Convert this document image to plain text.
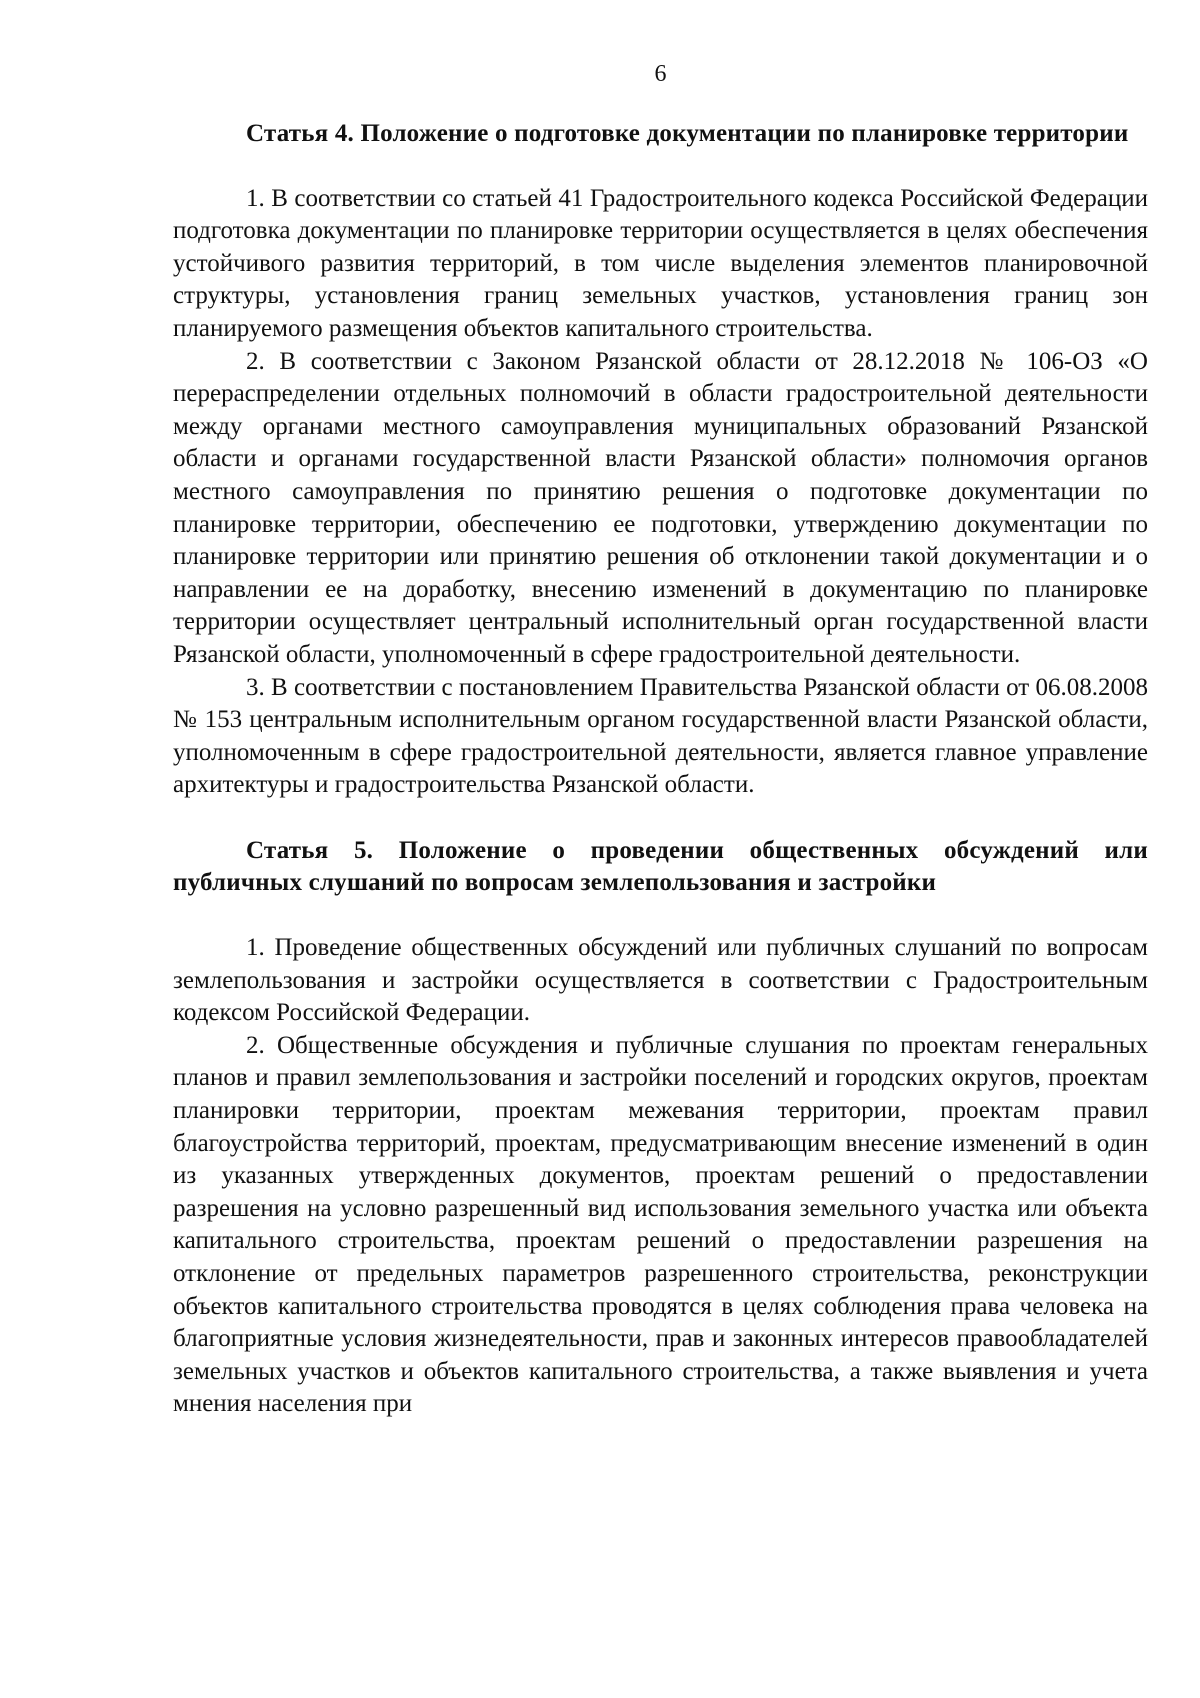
6

Статья 4. Положение о подготовке документации по планировке территории

1. В соответствии со статьей 41 Градостроительного кодекса Российской Федерации подготовка документации по планировке территории осуществляется в целях обеспечения устойчивого развития территорий, в том числе выделения элементов планировочной структуры, установления границ земельных участков, установления границ зон планируемого размещения объектов капитального строительства.

2. В соответствии с Законом Рязанской области от 28.12.2018 № 106-ОЗ «О перераспределении отдельных полномочий в области градостроительной деятельности между органами местного самоуправления муниципальных образований Рязанской области и органами государственной власти Рязанской области» полномочия органов местного самоуправления по принятию решения о подготовке документации по планировке территории, обеспечению ее подготовки, утверждению документации по планировке территории или принятию решения об отклонении такой документации и о направлении ее на доработку, внесению изменений в документацию по планировке территории осуществляет центральный исполнительный орган государственной власти Рязанской области, уполномоченный в сфере градостроительной деятельности.

3. В соответствии с постановлением Правительства Рязанской области от 06.08.2008 № 153 центральным исполнительным органом государственной власти Рязанской области, уполномоченным в сфере градостроительной деятельности, является главное управление архитектуры и градостроительства Рязанской области.

Статья 5. Положение о проведении общественных обсуждений или публичных слушаний по вопросам землепользования и застройки

1. Проведение общественных обсуждений или публичных слушаний по вопросам землепользования и застройки осуществляется в соответствии с Градостроительным кодексом Российской Федерации.

2. Общественные обсуждения и публичные слушания по проектам генеральных планов и правил землепользования и застройки поселений и городских округов, проектам планировки территории, проектам межевания территории, проектам правил благоустройства территорий, проектам, предусматривающим внесение изменений в один из указанных утвержденных документов, проектам решений о предоставлении разрешения на условно разрешенный вид использования земельного участка или объекта капитального строительства, проектам решений о предоставлении разрешения на отклонение от предельных параметров разрешенного строительства, реконструкции объектов капитального строительства проводятся в целях соблюдения права человека на благоприятные условия жизнедеятельности, прав и законных интересов правообладателей земельных участков и объектов капитального строительства, а также выявления и учета мнения населения при
